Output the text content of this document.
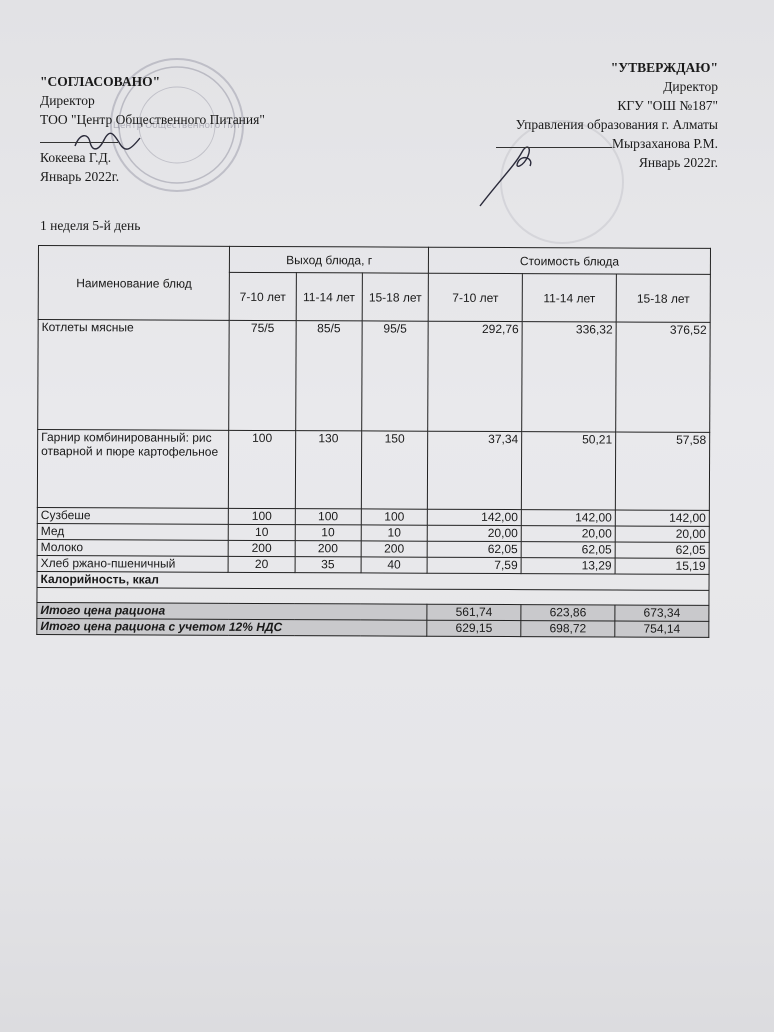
"Центр Общественного Пит
"СОГЛАСОВАНО"
Директор
ТОО "Центр Общественного Питания"
Кокеева Г.Д.
Январь 2022г.
"УТВЕРЖДАЮ"
Директор
КГУ "ОШ №187"
Управления образования г. Алматы
Мырзаханова Р.М.
Январь 2022г.
1 неделя 5-й день
Наименование блюд	Выход блюда, г			Стоимость блюда		
	7-10 лет	11-14 лет	15-18 лет	7-10 лет	11-14 лет	15-18 лет
Котлеты мясные	75/5	85/5	95/5	292,76	336,32	376,52
Гарнир комбинированный: рис отварной и пюре картофельное	100	130	150	37,34	50,21	57,58
Сузбеше	100	100	100	142,00	142,00	142,00
Мед	10	10	10	20,00	20,00	20,00
Молоко	200	200	200	62,05	62,05	62,05
Хлеб ржано-пшеничный	20	35	40	7,59	13,29	15,19
Калорийность, ккал						

Итого цена рациона				561,74	623,86	673,34
Итого цена рациона с учетом 12% НДС				629,15	698,72	754,14
